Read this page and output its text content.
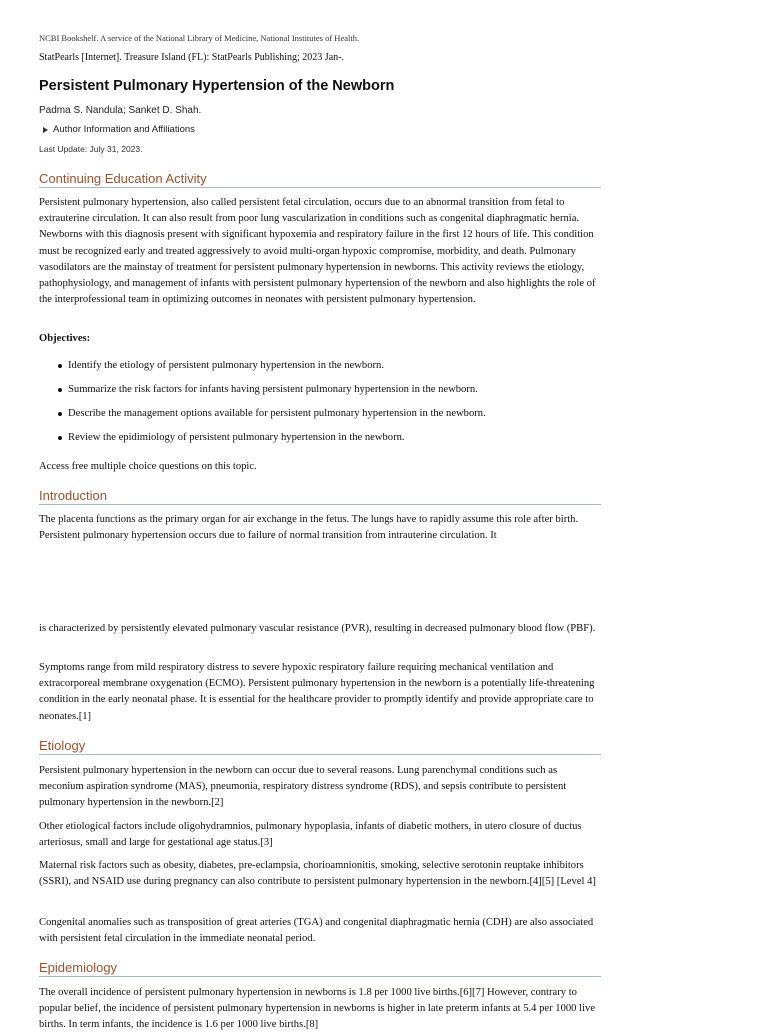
NCBI Bookshelf. A service of the National Library of Medicine, National Institutes of Health.
StatPearls [Internet]. Treasure Island (FL): StatPearls Publishing; 2023 Jan-.
Persistent Pulmonary Hypertension of the Newborn
Padma S. Nandula; Sanket D. Shah.
Author Information and Affiliations
Last Update: July 31, 2023.
Continuing Education Activity

Persistent pulmonary hypertension, also called persistent fetal circulation, occurs due to an abnormal transition from fetal to extrauterine circulation. It can also result from poor lung vascularization in conditions such as congenital diaphragmatic hernia. Newborns with this diagnosis present with significant hypoxemia and respiratory failure in the first 12 hours of life. This condition must be recognized early and treated aggressively to avoid multi-organ hypoxic compromise, morbidity, and death. Pulmonary vasodilators are the mainstay of treatment for persistent pulmonary hypertension in newborns. This activity reviews the etiology, pathophysiology, and management of infants with persistent pulmonary hypertension of the newborn and also highlights the role of the interprofessional team in optimizing outcomes in neonates with persistent pulmonary hypertension.

Objectives:

Identify the etiology of persistent pulmonary hypertension in the newborn.
Summarize the risk factors for infants having persistent pulmonary hypertension in the newborn.
Describe the management options available for persistent pulmonary hypertension in the newborn.
Review the epidimiology of persistent pulmonary hypertension in the newborn.

Access free multiple choice questions on this topic.

Introduction

The placenta functions as the primary organ for air exchange in the fetus. The lungs have to rapidly assume this role after birth. Persistent pulmonary hypertension occurs due to failure of normal transition from intrauterine circulation. It

is characterized by persistently elevated pulmonary vascular resistance (PVR), resulting in decreased pulmonary blood flow (PBF).

Symptoms range from mild respiratory distress to severe hypoxic respiratory failure requiring mechanical ventilation and extracorporeal membrane oxygenation (ECMO). Persistent pulmonary hypertension in the newborn is a potentially life-threatening condition in the early neonatal phase. It is essential for the healthcare provider to promptly identify and provide appropriate care to neonates.[1]

Etiology

Persistent pulmonary hypertension in the newborn can occur due to several reasons. Lung parenchymal conditions such as meconium aspiration syndrome (MAS), pneumonia, respiratory distress syndrome (RDS), and sepsis contribute to persistent pulmonary hypertension in the newborn.[2]

Other etiological factors include oligohydramnios, pulmonary hypoplasia, infants of diabetic mothers, in utero closure of ductus arteriosus, small and large for gestational age status.[3]

Maternal risk factors such as obesity, diabetes, pre-eclampsia, chorioamnionitis, smoking, selective serotonin reuptake inhibitors (SSRI), and NSAID use during pregnancy can also contribute to persistent pulmonary hypertension in the newborn.[4][5] [Level 4]

Congenital anomalies such as transposition of great arteries (TGA) and congenital diaphragmatic hernia (CDH) are also associated with persistent fetal circulation in the immediate neonatal period.

Epidemiology

The overall incidence of persistent pulmonary hypertension in newborns is 1.8 per 1000 live births.[6][7] However, contrary to popular belief, the incidence of persistent pulmonary hypertension in newborns is higher in late preterm infants at 5.4 per 1000 live births. In term infants, the incidence is 1.6 per 1000 live births.[8]
